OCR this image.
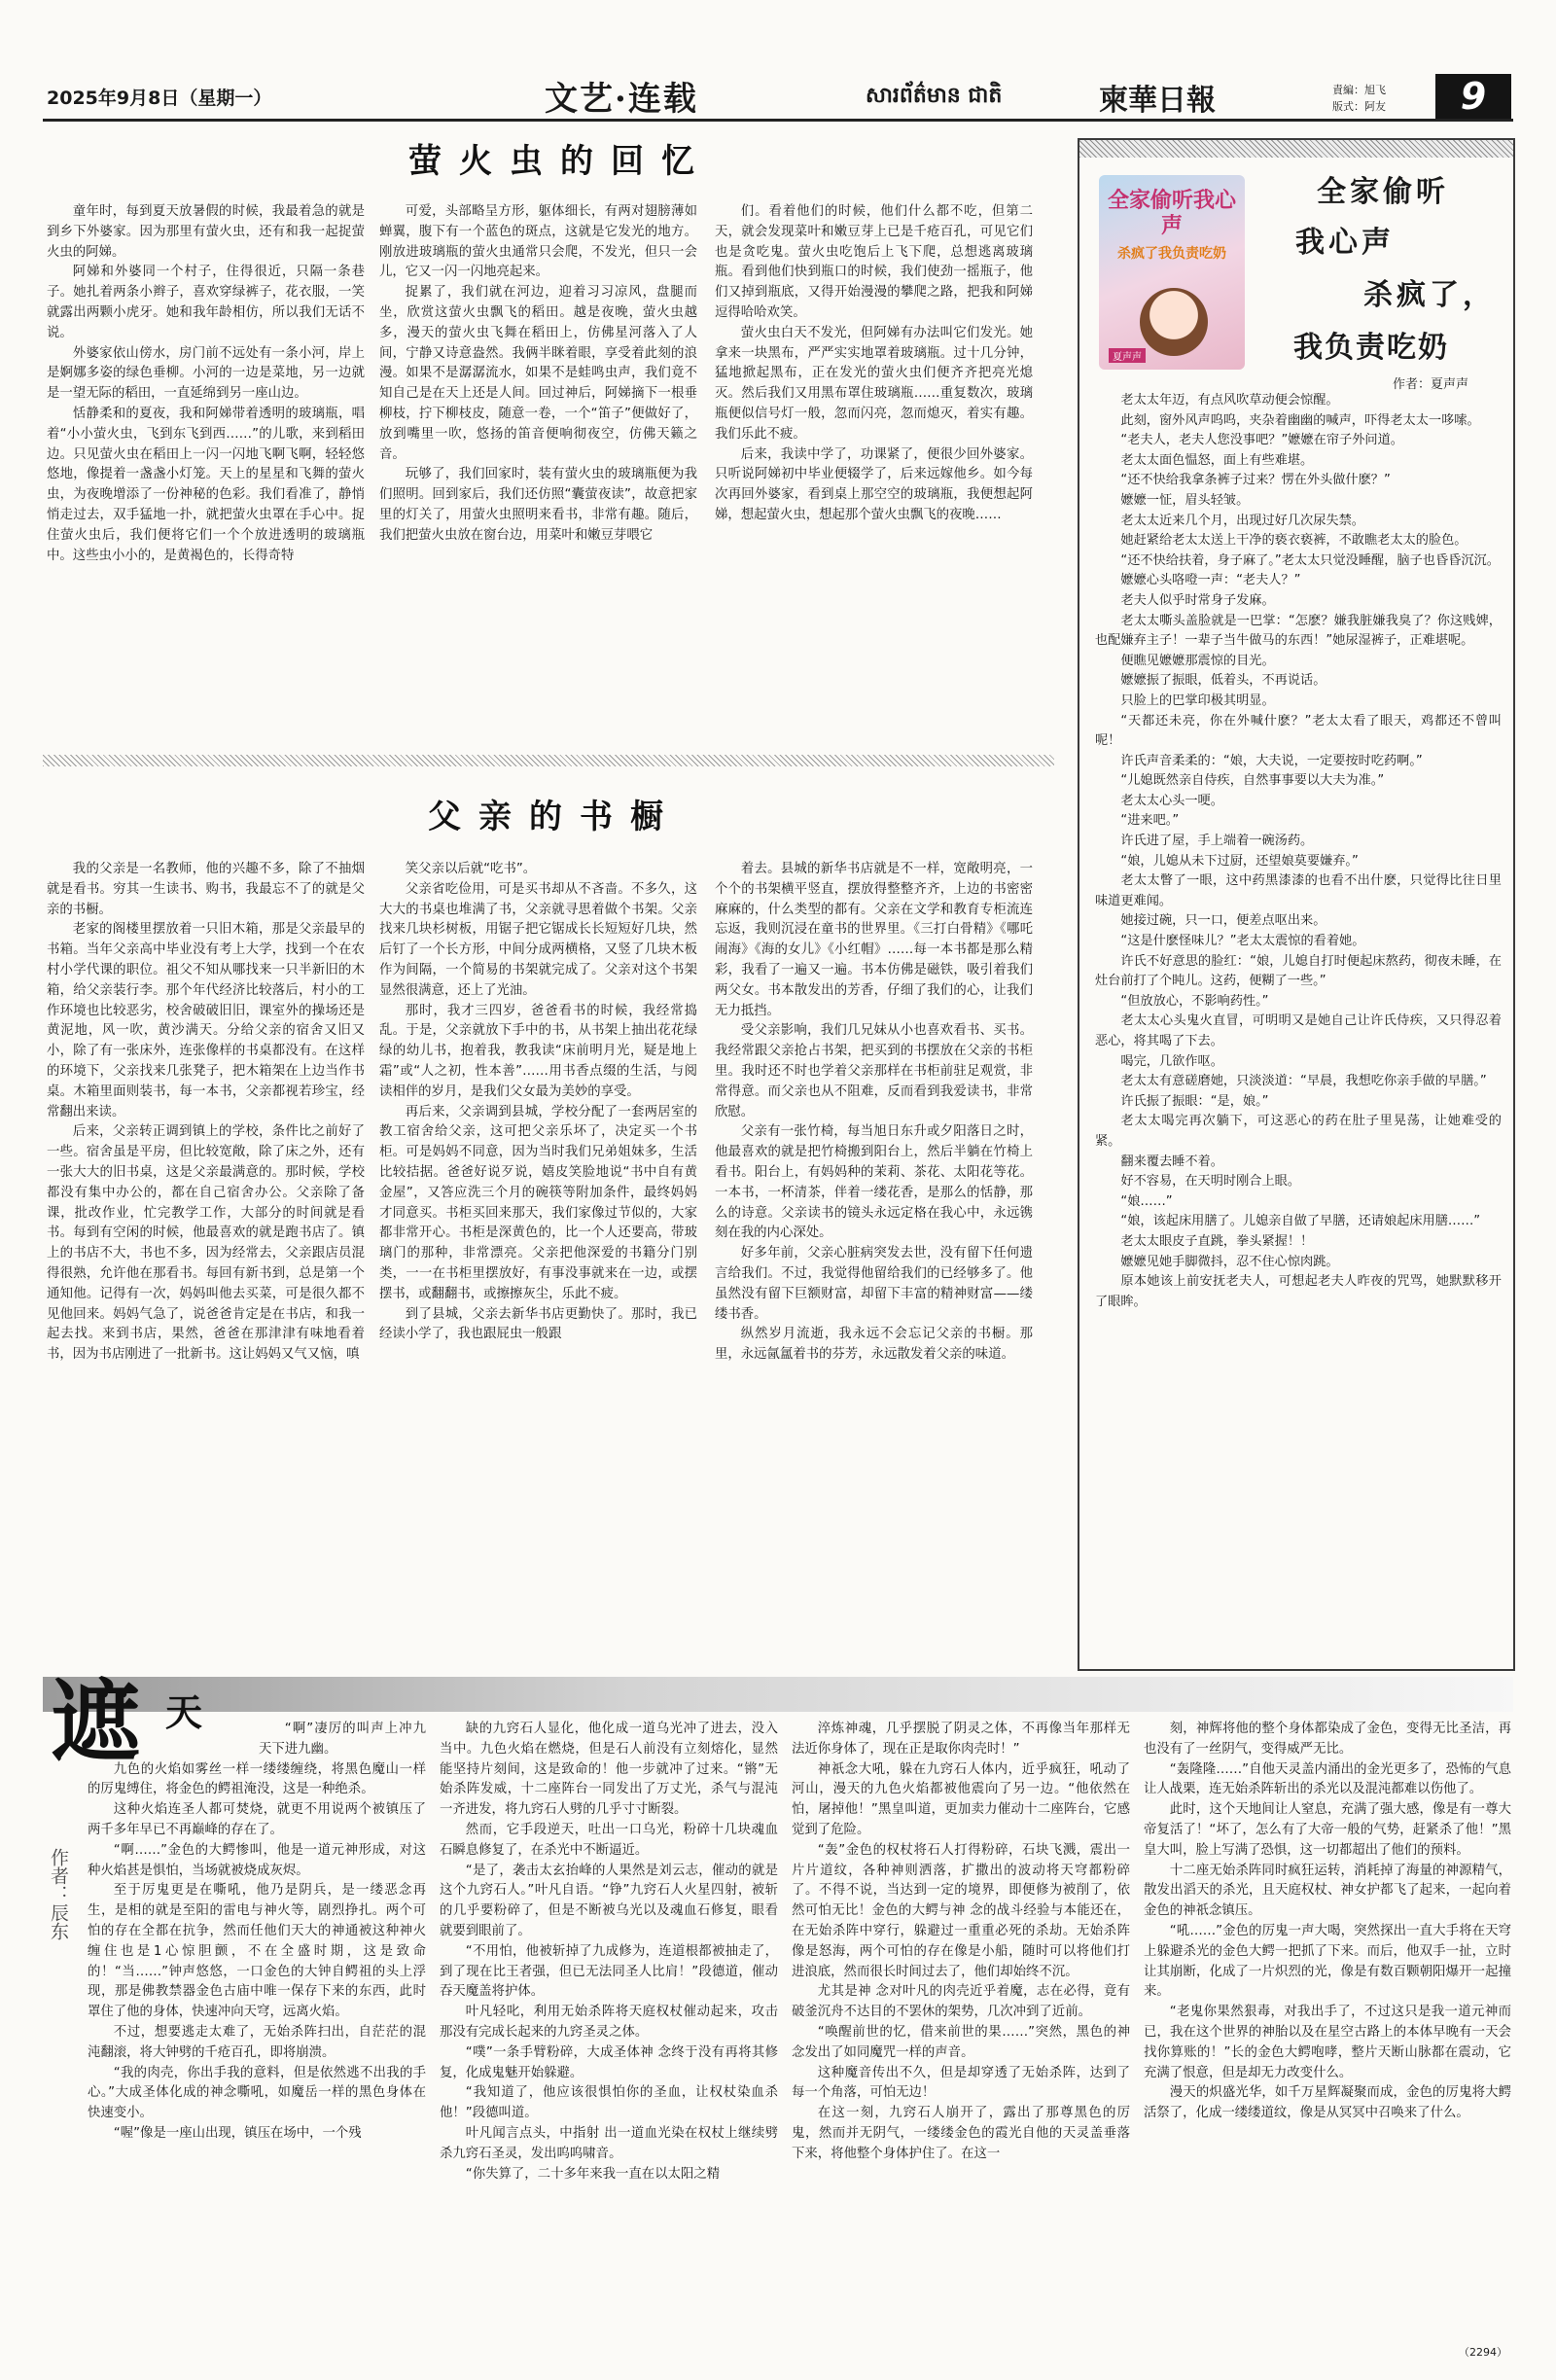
2025年9月8日（星期一）	文艺·连载	សារព័ត៌មាន ជាតិ	柬華日報	責編：旭飞
版式：阿友	9
萤火虫的回忆

童年时，每到夏天放暑假的时候，我最着急的就是到乡下外婆家。因为那里有萤火虫，还有和我一起捉萤火虫的阿娣。

阿娣和外婆同一个村子，住得很近，只隔一条巷子。她扎着两条小辫子，喜欢穿绿裤子，花衣服，一笑就露出两颗小虎牙。她和我年龄相仿，所以我们无话不说。

外婆家依山傍水，房门前不远处有一条小河，岸上是婀娜多姿的绿色垂柳。小河的一边是菜地，另一边就是一望无际的稻田，一直延绵到另一座山边。

恬静柔和的夏夜，我和阿娣带着透明的玻璃瓶，唱着“小小萤火虫，飞到东飞到西……”的儿歌，来到稻田边。只见萤火虫在稻田上一闪一闪地飞啊飞啊，轻轻悠悠地，像提着一盏盏小灯笼。天上的星星和飞舞的萤火虫，为夜晚增添了一份神秘的色彩。我们看准了，静悄悄走过去，双手猛地一扑，就把萤火虫罩在手心中。捉住萤火虫后，我们便将它们一个个放进透明的玻璃瓶中。这些虫小小的，是黄褐色的，长得奇特

可爱，头部略呈方形，躯体细长，有两对翅膀薄如蝉翼，腹下有一个蓝色的斑点，这就是它发光的地方。刚放进玻璃瓶的萤火虫通常只会爬，不发光，但只一会儿，它又一闪一闪地亮起来。

捉累了，我们就在河边，迎着习习凉风，盘腿而坐，欣赏这萤火虫飘飞的稻田。越是夜晚，萤火虫越多，漫天的萤火虫飞舞在稻田上，仿佛星河落入了人间，宁静又诗意盎然。我俩半眯着眼，享受着此刻的浪漫。如果不是潺潺流水，如果不是蛙鸣虫声，我们竟不知自己是在天上还是人间。回过神后，阿娣摘下一根垂柳枝，拧下柳枝皮，随意一卷，一个“笛子”便做好了，放到嘴里一吹，悠扬的笛音便响彻夜空，仿佛天籁之音。

玩够了，我们回家时，装有萤火虫的玻璃瓶便为我们照明。回到家后，我们还仿照“囊萤夜读”，故意把家里的灯关了，用萤火虫照明来看书，非常有趣。随后，我们把萤火虫放在窗台边，用菜叶和嫩豆芽喂它

们。看着他们的时候，他们什么都不吃，但第二天，就会发现菜叶和嫩豆芽上已是千疮百孔，可见它们也是贪吃鬼。萤火虫吃饱后上飞下爬，总想逃离玻璃瓶。看到他们快到瓶口的时候，我们使劲一摇瓶子，他们又掉到瓶底，又得开始漫漫的攀爬之路，把我和阿娣逗得哈哈欢笑。

萤火虫白天不发光，但阿娣有办法叫它们发光。她拿来一块黑布，严严实实地罩着玻璃瓶。过十几分钟，猛地掀起黑布，正在发光的萤火虫们便齐齐把亮光熄灭。然后我们又用黑布罩住玻璃瓶……重复数次，玻璃瓶便似信号灯一般，忽而闪亮，忽而熄灭，着实有趣。我们乐此不疲。

后来，我读中学了，功课紧了，便很少回外婆家。只听说阿娣初中毕业便辍学了，后来远嫁他乡。如今每次再回外婆家，看到桌上那空空的玻璃瓶，我便想起阿娣，想起萤火虫，想起那个萤火虫飘飞的夜晚……

父亲的书橱

我的父亲是一名教师，他的兴趣不多，除了不抽烟就是看书。穷其一生读书、购书，我最忘不了的就是父亲的书橱。

老家的阁楼里摆放着一只旧木箱，那是父亲最早的书箱。当年父亲高中毕业没有考上大学，找到一个在农村小学代课的职位。祖父不知从哪找来一只半新旧的木箱，给父亲装行李。那个年代经济比较落后，村小的工作环境也比较恶劣，校舍破破旧旧，课室外的操场还是黄泥地，风一吹，黄沙满天。分给父亲的宿舍又旧又小，除了有一张床外，连张像样的书桌都没有。在这样的环境下，父亲找来几张凳子，把木箱架在上边当作书桌。木箱里面则装书，每一本书，父亲都视若珍宝，经常翻出来读。

后来，父亲转正调到镇上的学校，条件比之前好了一些。宿舍虽是平房，但比较宽敞，除了床之外，还有一张大大的旧书桌，这是父亲最满意的。那时候，学校都没有集中办公的，都在自己宿舍办公。父亲除了备课，批改作业，忙完教学工作，大部分的时间就是看书。每到有空闲的时候，他最喜欢的就是跑书店了。镇上的书店不大，书也不多，因为经常去，父亲跟店员混得很熟，允许他在那看书。每回有新书到，总是第一个通知他。记得有一次，妈妈叫他去买菜，可是很久都不见他回来。妈妈气急了，说爸爸肯定是在书店，和我一起去找。来到书店，果然，爸爸在那津津有味地看着书，因为书店刚进了一批新书。这让妈妈又气又恼，嗔

笑父亲以后就“吃书”。

父亲省吃俭用，可是买书却从不吝啬。不多久，这大大的书桌也堆满了书，父亲就寻思着做个书架。父亲找来几块杉树板，用锯子把它锯成长长短短好几块，然后钉了一个长方形，中间分成两横格，又竖了几块木板作为间隔，一个简易的书架就完成了。父亲对这个书架显然很满意，还上了光油。

那时，我才三四岁，爸爸看书的时候，我经常捣乱。于是，父亲就放下手中的书，从书架上抽出花花绿绿的幼儿书，抱着我，教我读“床前明月光，疑是地上霜”或“人之初，性本善”……用书香点缀的生活，与阅读相伴的岁月，是我们父女最为美妙的享受。

再后来，父亲调到县城，学校分配了一套两居室的教工宿舍给父亲，这可把父亲乐坏了，决定买一个书柜。可是妈妈不同意，因为当时我们兄弟姐妹多，生活比较拮据。爸爸好说歹说，嬉皮笑脸地说“书中自有黄金屋”，又答应洗三个月的碗筷等附加条件，最终妈妈才同意买。书柜买回来那天，我们家像过节似的，大家都非常开心。书柜是深黄色的，比一个人还要高，带玻璃门的那种，非常漂亮。父亲把他深爱的书籍分门别类，一一在书柜里摆放好，有事没事就来在一边，或摆摆书，或翻翻书，或擦擦灰尘，乐此不疲。

到了县城，父亲去新华书店更勤快了。那时，我已经读小学了，我也跟屁虫一般跟

着去。县城的新华书店就是不一样，宽敞明亮，一个个的书架横平竖直，摆放得整整齐齐，上边的书密密麻麻的，什么类型的都有。父亲在文学和教育专柜流连忘返，我则沉浸在童书的世界里。《三打白骨精》《哪吒闹海》《海的女儿》《小红帽》……每一本书都是那么精彩，我看了一遍又一遍。书本仿佛是磁铁，吸引着我们两父女。书本散发出的芳香，仔细了我们的心，让我们无力抵挡。

受父亲影响，我们几兄妹从小也喜欢看书、买书。我经常跟父亲抢占书架，把买到的书摆放在父亲的书柜里。我时还不时也学着父亲那样在书柜前驻足观赏，非常得意。而父亲也从不阻难，反而看到我爱读书，非常欣慰。

父亲有一张竹椅，每当旭日东升或夕阳落日之时，他最喜欢的就是把竹椅搬到阳台上，然后半躺在竹椅上看书。阳台上，有妈妈种的茉莉、茶花、太阳花等花。一本书，一杯清茶，伴着一缕花香，是那么的恬静，那么的诗意。父亲读书的镜头永远定格在我心中，永远镌刻在我的内心深处。

好多年前，父亲心脏病突发去世，没有留下任何遗言给我们。不过，我觉得他留给我们的已经够多了。他虽然没有留下巨额财富，却留下丰富的精神财富——缕缕书香。

纵然岁月流逝，我永远不会忘记父亲的书橱。那里，永远氤氲着书的芬芳，永远散发着父亲的味道。

全家偷听我心声
杀疯了我负责吃奶
夏声声
全家偷听
我心声
杀疯了，
我负责吃奶
作者：夏声声

老太太年迈，有点风吹草动便会惊醒。

此刻，窗外风声呜呜，夹杂着幽幽的喊声，吓得老太太一哆嗦。

“老夫人，老夫人您没事吧？”嬷嬷在帘子外问道。

老太太面色愠怒，面上有些难堪。

“还不快给我拿条裤子过来？愣在外头做什麽？”

嬷嬷一怔，眉头轻皱。

老太太近来几个月，出现过好几次尿失禁。

她赶紧给老太太送上干净的亵衣亵裤，不敢瞧老太太的脸色。

“还不快给扶着，身子麻了。”老太太只觉没睡醒，脑子也昏昏沉沉。

嬷嬷心头咯噔一声：“老夫人？”

老夫人似乎时常身子发麻。

老太太嘶头盖脸就是一巴掌：“怎麽？嫌我脏嫌我臭了？你这贱婢，也配嫌弃主子！一辈子当牛做马的东西！”她尿湿裤子，正难堪呢。

便瞧见嬷嬷那震惊的目光。

嬷嬷振了振眼，低着头，不再说话。

只脸上的巴掌印极其明显。

“天都还未亮，你在外喊什麽？”老太太看了眼天，鸡都还不曾叫呢！

许氏声音柔柔的：“娘，大夫说，一定要按时吃药啊。”

“儿媳既然亲自侍疾，自然事事要以大夫为准。”

老太太心头一哽。

“进来吧。”

许氏进了屋，手上端着一碗汤药。

“娘，儿媳从未下过厨，还望娘莫要嫌弃。”

老太太瞥了一眼，这中药黑漆漆的也看不出什麽，只觉得比往日里味道更难闻。

她接过碗，只一口，便差点呕出来。

“这是什麽怪味儿？”老太太震惊的看着她。

许氏不好意思的脸红：“娘，儿媳自打时便起床熬药，彻夜未睡，在灶台前打了个盹儿。这药，便糊了一些。”

“但放放心，不影响药性。”

老太太心头鬼火直冒，可明明又是她自己让许氏侍疾，又只得忍着恶心，将其喝了下去。

喝完，几欲作呕。

老太太有意磋磨她，只淡淡道：“早晨，我想吃你亲手做的早膳。”

许氏振了振眼：“是，娘。”

老太太喝完再次躺下，可这恶心的药在肚子里晃荡，让她难受的紧。

翻来覆去睡不着。

好不容易，在天明时刚合上眼。

“娘……”

“娘，该起床用膳了。儿媳亲自做了早膳，还请娘起床用膳……”

老太太眼皮子直跳，拳头紧握！！

嬷嬷见她手脚微抖，忍不住心惊肉跳。

原本她该上前安抚老夫人，可想起老夫人昨夜的咒骂，她默默移开了眼眸。

遮 天
作者：辰东

“啊”凄厉的叫声上冲九天下进九幽。

九色的火焰如雾丝一样一缕缕缠绕，将黑色魔山一样的厉鬼缚住，将金色的鳄祖淹没，这是一种绝杀。

这种火焰连圣人都可焚烧，就更不用说两个被镇压了两千多年早已不再巅峰的存在了。

“啊……”金色的大鳄惨叫，他是一道元神形成，对这种火焰甚是惧怕，当场就被烧成灰烬。

至于厉鬼更是在嘶吼，他乃是阴兵，是一缕恶念再生，是相的就是至阳的雷电与神火等，剧烈挣扎。两个可怕的存在全都在抗争，然而任他们天大的神通被这种神火缠住也是1心惊胆颤，不在全盛时期，这是致命的！“当……”钟声悠悠，一口金色的大钟自鳄祖的头上浮现，那是佛教禁器金色古庙中唯一保存下来的东西，此时罩住了他的身体，快速冲向天穹，远离火焰。

不过，想要逃走太难了，无始杀阵扫出，自茫茫的混沌翻滚，将大钟劈的千疮百孔，即将崩溃。

“我的肉壳，你出手我的意料，但是依然逃不出我的手心。”大成圣体化成的神念嘶吼，如魔岳一样的黑色身体在快速变小。

“喔”像是一座山出现，镇压在场中，一个残

缺的九窍石人显化，他化成一道乌光冲了进去，没入当中。九色火焰在燃烧，但是石人前没有立刻熔化，显然能坚持片刻间，这是致命的！他一步就冲了过来。“锵”无始杀阵发威，十二座阵台一同发出了万丈光，杀气与混沌一齐进发，将九窍石人劈的几乎寸寸断裂。

然而，它手段逆天，吐出一口乌光，粉碎十几块魂血石瞬息修复了，在杀光中不断逼近。

“是了，袭击太玄抬峰的人果然是刘云志，催动的就是这个九窍石人。”叶凡自语。“铮”九窍石人火星四射，被斩的几乎要粉碎了，但是不断被乌光以及魂血石修复，眼看就要到眼前了。

“不用怕，他被斩掉了九成修为，连道根都被抽走了，到了现在比王者强，但已无法同圣人比肩！”段德道，催动吞天魔盖将护体。

叶凡轻叱，利用无始杀阵将天庭权杖催动起来，攻击那没有完成长起来的九窍圣灵之体。

“噗”一条手臂粉碎，大成圣体神 念终于没有再将其修复，化成鬼魅开始躲避。

“我知道了，他应该很惧怕你的圣血，让权杖染血杀他！”段德叫道。

叶凡闻言点头，中指射 出一道血光染在权杖上继续劈杀九窍石圣灵，发出呜呜啸音。

“你失算了，二十多年来我一直在以太阳之精

淬炼神魂，几乎摆脱了阴灵之体，不再像当年那样无法近你身体了，现在正是取你肉壳时！”

神祇念大吼，躲在九窍石人体内，近乎疯狂，吼动了河山，漫天的九色火焰都被他震向了另一边。“他依然在怕，屠掉他！”黑皇叫道，更加卖力催动十二座阵台，它感觉到了危险。

“轰”金色的权杖将石人打得粉碎，石块飞溅，震出一片片道纹，各种神则洒落，扩撒出的波动将天穹都粉碎了。不得不说，当达到一定的境界，即便修为被削了，依然可怕无比！金色的大鳄与神 念的战斗经验与本能还在，在无始杀阵中穿行，躲避过一重重必死的杀劫。无始杀阵像是怒海，两个可怕的存在像是小船，随时可以将他们打进浪底，然而很长时间过去了，他们却始终不沉。

尤其是神 念对叶凡的肉壳近乎着魔，志在必得，竟有破釜沉舟不达目的不罢休的架势，几次冲到了近前。

“唤醒前世的忆，借来前世的果……”突然，黑色的神 念发出了如同魔咒一样的声音。

这种魔音传出不久，但是却穿透了无始杀阵，达到了每一个角落，可怕无边！

在这一刻，九窍石人崩开了，露出了那尊黑色的厉鬼，然而并无阴气，一缕缕金色的霞光自他的天灵盖垂落下来，将他整个身体护住了。在这一

刻，神辉将他的整个身体都染成了金色，变得无比圣洁，再也没有了一丝阴气，变得威严无比。

“轰隆隆……”自他天灵盖内涌出的金光更多了，恐怖的气息让人战栗，连无始杀阵斩出的杀光以及混沌都难以伤他了。

此时，这个天地间让人窒息，充满了强大感，像是有一尊大帝复活了！“坏了，怎么有了大帝一般的气势，赶紧杀了他！”黑皇大叫，脸上写满了恐惧，这一切都超出了他们的预料。

十二座无始杀阵同时疯狂运转，消耗掉了海量的神源精气，散发出滔天的杀光，且天庭权杖、神女护都飞了起来，一起向着金色的神祇念镇压。

“吼……”金色的厉鬼一声大喝，突然探出一直大手将在天穹上躲避杀光的金色大鳄一把抓了下来。而后，他双手一扯，立时让其崩断，化成了一片炽烈的光，像是有数百颗朝阳爆开一起撞来。

“老鬼你果然狠毒，对我出手了，不过这只是我一道元神而已，我在这个世界的神胎以及在星空古路上的本体早晚有一天会找你算账的！”长的金色大鳄咆哮，整片天断山脉都在震动，它充满了恨意，但是却无力改变什么。

漫天的炽盛光华，如千万星辉凝聚而成，金色的厉鬼将大鳄活祭了，化成一缕缕道纹，像是从冥冥中召唤来了什么。

（2294）
